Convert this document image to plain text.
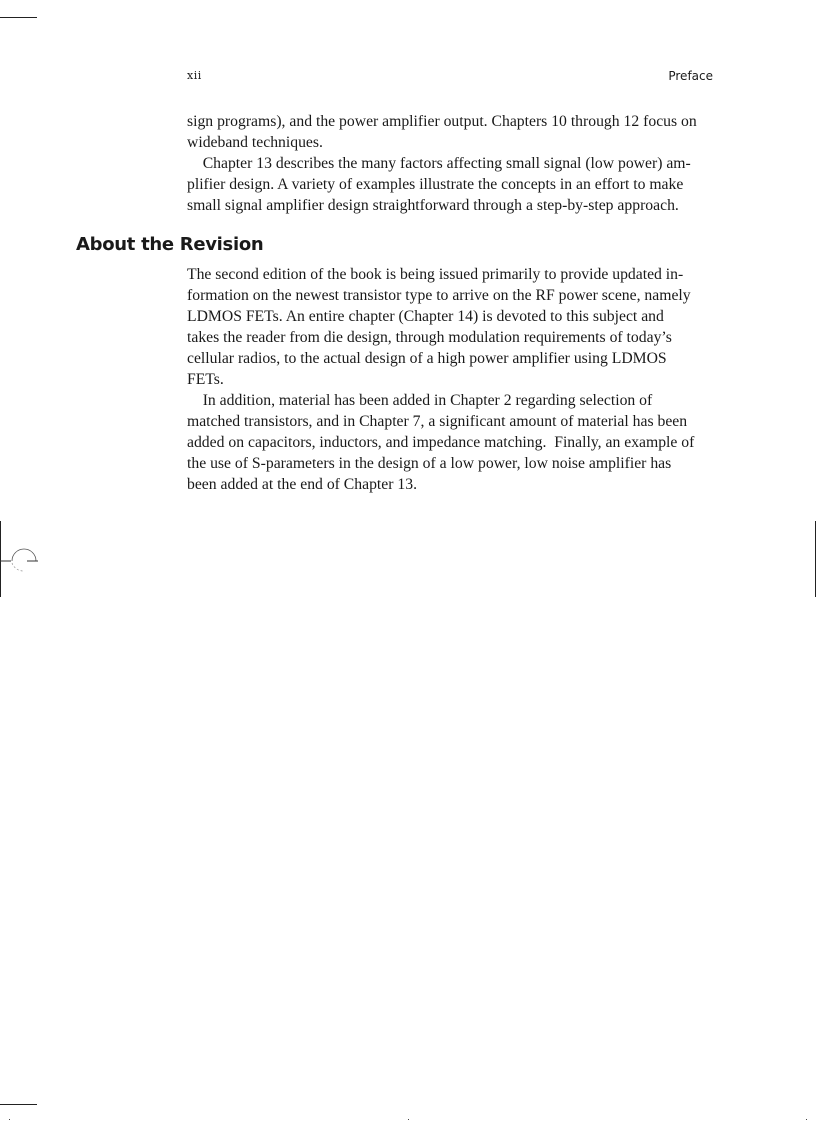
xii	Preface

sign programs), and the power amplifier output. Chapters 10 through 12 focus on

wideband techniques.

Chapter 13 describes the many factors affecting small signal (low power) am-

plifier design. A variety of examples illustrate the concepts in an effort to make

small signal amplifier design straightforward through a step-by-step approach.

About the Revision

The second edition of the book is being issued primarily to provide updated in-

formation on the newest transistor type to arrive on the RF power scene, namely

LDMOS FETs. An entire chapter (Chapter 14) is devoted to this subject and

takes the reader from die design, through modulation requirements of today’s

cellular radios, to the actual design of a high power amplifier using LDMOS

FETs.

In addition, material has been added in Chapter 2 regarding selection of

matched transistors, and in Chapter 7, a significant amount of material has been

added on capacitors, inductors, and impedance matching.  Finally, an example of

the use of S-parameters in the design of a low power, low noise amplifier has

been added at the end of Chapter 13.
